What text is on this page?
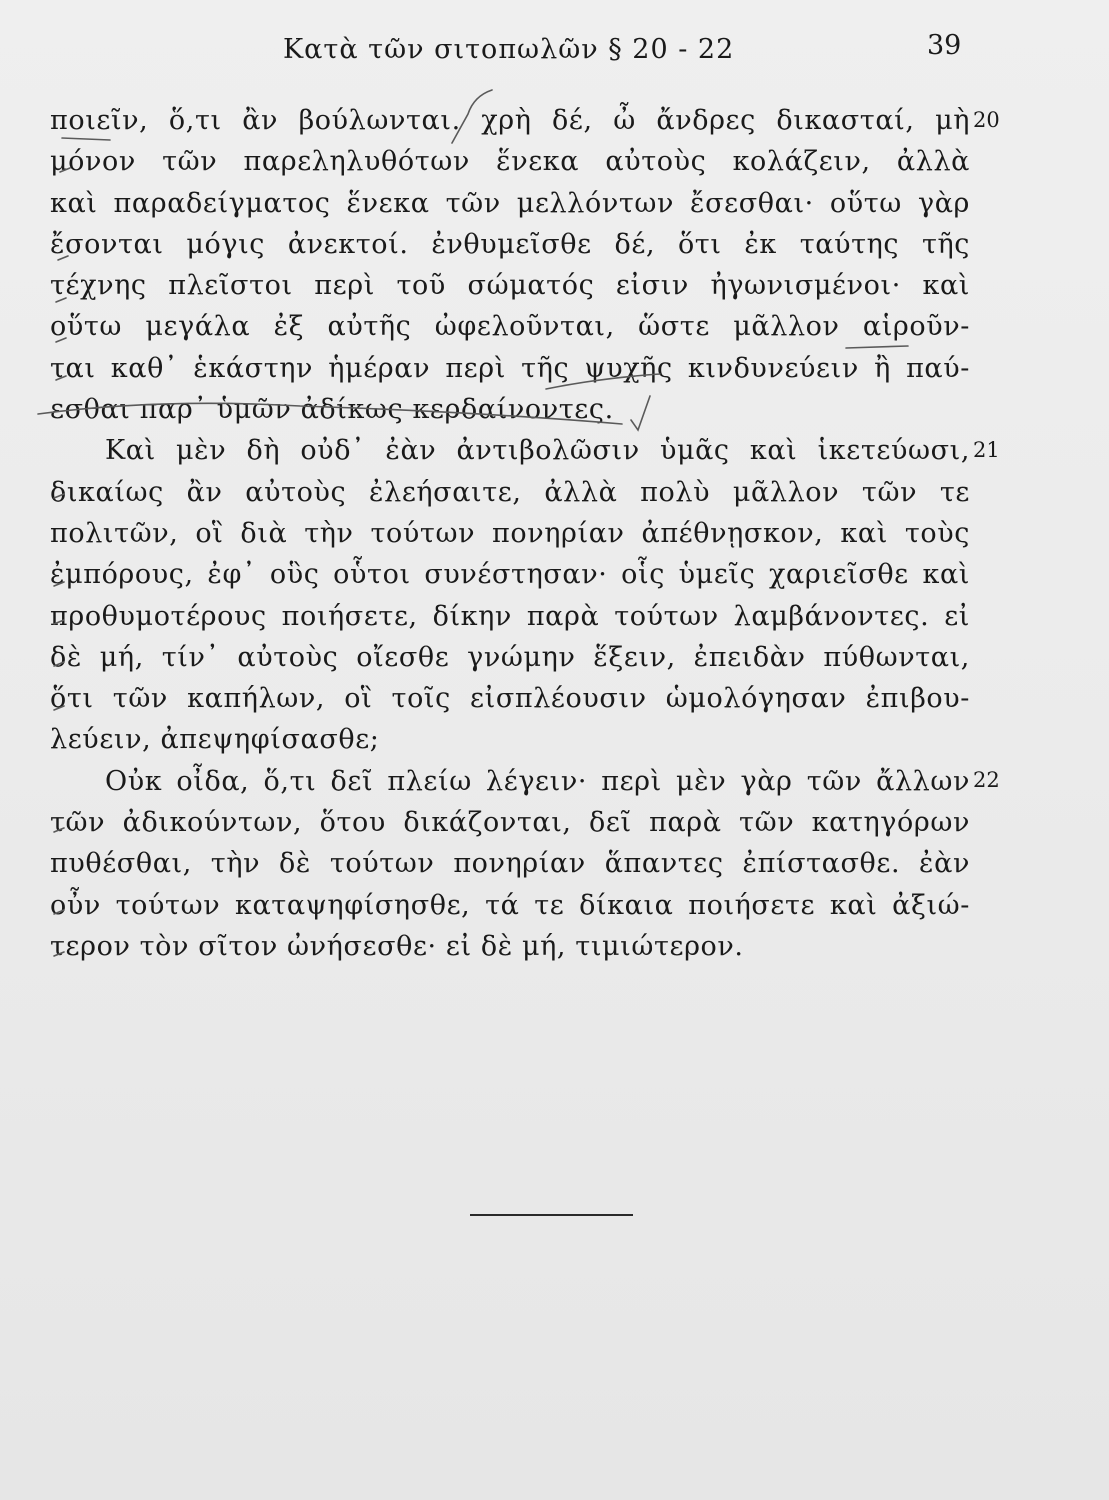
Κατὰ τῶν σιτοπωλῶν § 20 - 22	39
ποιεῖν, ὅ,τι ἂν βούλωνται. χρὴ δέ, ὦ ἄνδρες δικασταί, μὴ
μόνον τῶν παρεληλυθότων ἕνεκα αὐτοὺς κολάζειν, ἀλλὰ
καὶ παραδείγματος ἕνεκα τῶν μελλόντων ἔσεσθαι· οὕτω γὰρ
ἔσονται μόγις ἀνεκτοί. ἐνθυμεῖσθε δέ, ὅτι ἐκ ταύτης τῆς
τέχνης πλεῖστοι περὶ τοῦ σώματός εἰσιν ἠγωνισμένοι· καὶ
οὕτω μεγάλα ἐξ αὐτῆς ὠφελοῦνται, ὥστε μᾶλλον αἱροῦν-
ται καθ᾿ ἑκάστην ἡμέραν περὶ τῆς ψυχῆς κινδυνεύειν ἢ παύ-
εσθαι παρ᾿ ὑμῶν ἀδίκως κερδαίνοντες.
Καὶ μὲν δὴ οὐδ᾿ ἐὰν ἀντιβολῶσιν ὑμᾶς καὶ ἱκετεύωσι,
δικαίως ἂν αὐτοὺς ἐλεήσαιτε, ἀλλὰ πολὺ μᾶλλον τῶν τε
πολιτῶν, οἳ διὰ τὴν τούτων πονηρίαν ἀπέθνῃσκον, καὶ τοὺς
ἐμπόρους, ἐφ᾿ οὓς οὗτοι συνέστησαν· οἷς ὑμεῖς χαριεῖσθε καὶ
προθυμοτέρους ποιήσετε, δίκην παρὰ τούτων λαμβάνοντες. εἰ
δὲ μή, τίν᾿ αὐτοὺς οἴεσθε γνώμην ἕξειν, ἐπειδὰν πύθωνται,
ὅτι τῶν καπήλων, οἳ τοῖς εἰσπλέουσιν ὡμολόγησαν ἐπιβου-
λεύειν, ἀπεψηφίσασθε;
Οὐκ οἶδα, ὅ,τι δεῖ πλείω λέγειν· περὶ μὲν γὰρ τῶν ἄλλων
τῶν ἀδικούντων, ὅτου δικάζονται, δεῖ παρὰ τῶν κατηγόρων
πυθέσθαι, τὴν δὲ τούτων πονηρίαν ἅπαντες ἐπίστασθε. ἐὰν
οὖν τούτων καταψηφίσησθε, τά τε δίκαια ποιήσετε καὶ ἀξιώ-
τερον τὸν σῖτον ὠνήσεσθε· εἰ δὲ μή, τιμιώτερον.
20
21
22
